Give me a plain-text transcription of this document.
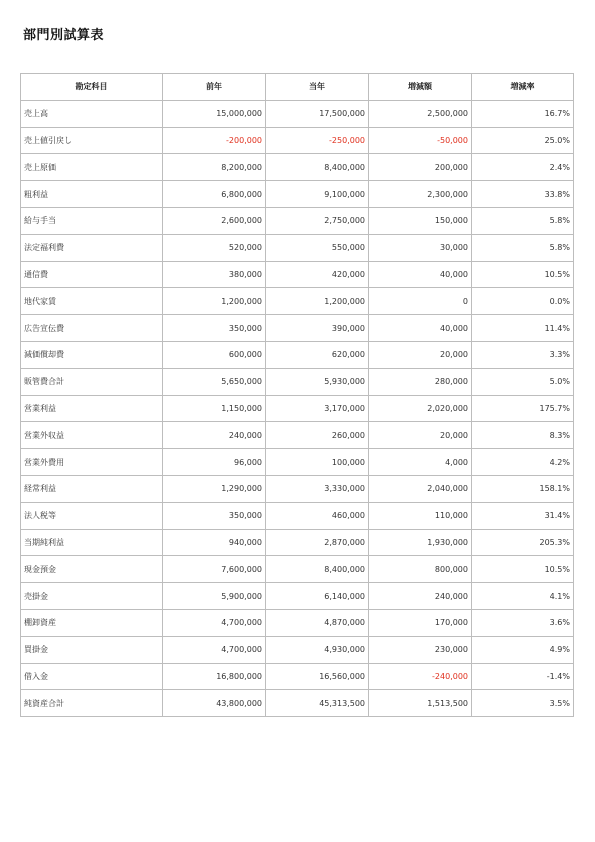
部門別試算表
勘定科目	前年	当年	増減額	増減率
売上高	15,000,000	17,500,000	2,500,000	16.7%
売上値引戻し	-200,000	-250,000	-50,000	25.0%
売上原価	8,200,000	8,400,000	200,000	2.4%
粗利益	6,800,000	9,100,000	2,300,000	33.8%
給与手当	2,600,000	2,750,000	150,000	5.8%
法定福利費	520,000	550,000	30,000	5.8%
通信費	380,000	420,000	40,000	10.5%
地代家賃	1,200,000	1,200,000	0	0.0%
広告宣伝費	350,000	390,000	40,000	11.4%
減価償却費	600,000	620,000	20,000	3.3%
販管費合計	5,650,000	5,930,000	280,000	5.0%
営業利益	1,150,000	3,170,000	2,020,000	175.7%
営業外収益	240,000	260,000	20,000	8.3%
営業外費用	96,000	100,000	4,000	4.2%
経常利益	1,290,000	3,330,000	2,040,000	158.1%
法人税等	350,000	460,000	110,000	31.4%
当期純利益	940,000	2,870,000	1,930,000	205.3%
現金預金	7,600,000	8,400,000	800,000	10.5%
売掛金	5,900,000	6,140,000	240,000	4.1%
棚卸資産	4,700,000	4,870,000	170,000	3.6%
買掛金	4,700,000	4,930,000	230,000	4.9%
借入金	16,800,000	16,560,000	-240,000	-1.4%
純資産合計	43,800,000	45,313,500	1,513,500	3.5%
